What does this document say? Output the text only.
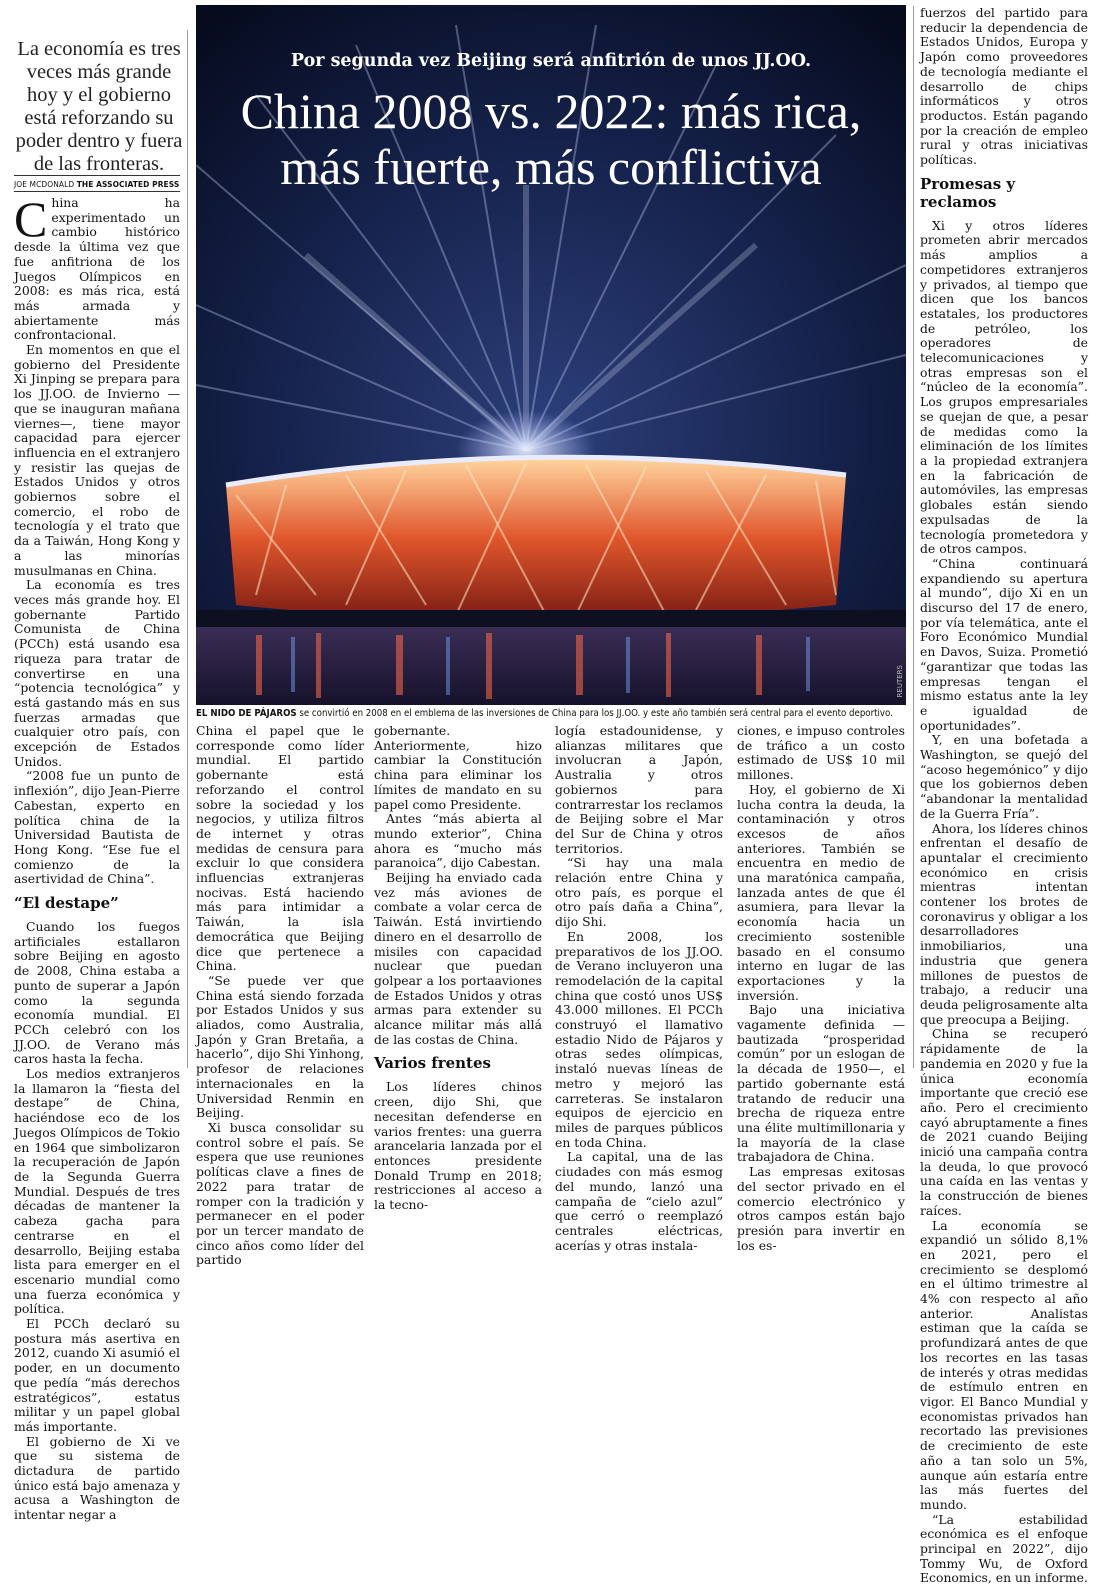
La economía es tres veces más grande hoy y el gobierno está reforzando su poder dentro y fuera de las fronteras.
JOE MCDONALD THE ASSOCIATED PRESS

China ha experimentado un cambio histórico desde la última vez que fue anfitriona de los Juegos Olímpicos en 2008: es más rica, está más armada y abiertamente más confrontacional.

En momentos en que el gobierno del Presidente Xi Jinping se prepara para los JJ.OO. de Invierno —que se inauguran mañana viernes—, tiene mayor capacidad para ejercer influencia en el extranjero y resistir las quejas de Estados Unidos y otros gobiernos sobre el comercio, el robo de tecnología y el trato que da a Taiwán, Hong Kong y a las minorías musulmanas en China.

La economía es tres veces más grande hoy. El gobernante Partido Comunista de China (PCCh) está usando esa riqueza para tratar de convertirse en una “potencia tecnológica” y está gastando más en sus fuerzas armadas que cualquier otro país, con excepción de Estados Unidos.

“2008 fue un punto de inflexión”, dijo Jean-Pierre Cabestan, experto en política china de la Universidad Bautista de Hong Kong. “Ese fue el comienzo de la asertividad de China”.

“El destape”

Cuando los fuegos artificiales estallaron sobre Beijing en agosto de 2008, China estaba a punto de superar a Japón como la segunda economía mundial. El PCCh celebró con los JJ.OO. de Verano más caros hasta la fecha.

Los medios extranjeros la llamaron la “fiesta del destape” de China, haciéndose eco de los Juegos Olímpicos de Tokio en 1964 que simbolizaron la recuperación de Japón de la Segunda Guerra Mundial. Después de tres décadas de mantener la cabeza gacha para centrarse en el desarrollo, Beijing estaba lista para emerger en el escenario mundial como una fuerza económica y política.

El PCCh declaró su postura más asertiva en 2012, cuando Xi asumió el poder, en un documento que pedía “más derechos estratégicos”, estatus militar y un papel global más importante.

El gobierno de Xi ve que su sistema de dictadura de partido único está bajo amenaza y acusa a Washington de intentar negar a

Por segunda vez Beijing será anfitrión de unos JJ.OO.
China 2008 vs. 2022: más rica, más fuerte, más conflictiva
REUTERS
EL NIDO DE PÁJAROS se convirtió en 2008 en el emblema de las inversiones de China para los JJ.OO. y este año también será central para el evento deportivo.

China el papel que le corresponde como líder mundial. El partido gobernante está reforzando el control sobre la sociedad y los negocios, y utiliza filtros de internet y otras medidas de censura para excluir lo que considera influencias extranjeras nocivas. Está haciendo más para intimidar a Taiwán, la isla democrática que Beijing dice que pertenece a China.

“Se puede ver que China está siendo forzada por Estados Unidos y sus aliados, como Australia, Japón y Gran Bretaña, a hacerlo”, dijo Shi Yinhong, profesor de relaciones internacionales en la Universidad Renmin en Beijing.

Xi busca consolidar su control sobre el país. Se espera que use reuniones políticas clave a fines de 2022 para tratar de romper con la tradición y permanecer en el poder por un tercer mandato de cinco años como líder del partido

gobernante. Anteriormente, hizo cambiar la Constitución china para eliminar los límites de mandato en su papel como Presidente.

Antes “más abierta al mundo exterior”, China ahora es “mucho más paranoica”, dijo Cabestan.

Beijing ha enviado cada vez más aviones de combate a volar cerca de Taiwán. Está invirtiendo dinero en el desarrollo de misiles con capacidad nuclear que puedan golpear a los portaaviones de Estados Unidos y otras armas para extender su alcance militar más allá de las costas de China.

Varios frentes

Los líderes chinos creen, dijo Shi, que necesitan defenderse en varios frentes: una guerra arancelaria lanzada por el entonces presidente Donald Trump en 2018; restricciones al acceso a la tecno-

logía estadounidense, y alianzas militares que involucran a Japón, Australia y otros gobiernos para contrarrestar los reclamos de Beijing sobre el Mar del Sur de China y otros territorios.

“Si hay una mala relación entre China y otro país, es porque el otro país daña a China”, dijo Shi.

En 2008, los preparativos de los JJ.OO. de Verano incluyeron una remodelación de la capital china que costó unos US$ 43.000 millones. El PCCh construyó el llamativo estadio Nido de Pájaros y otras sedes olímpicas, instaló nuevas líneas de metro y mejoró las carreteras. Se instalaron equipos de ejercicio en miles de parques públicos en toda China.

La capital, una de las ciudades con más esmog del mundo, lanzó una campaña de “cielo azul” que cerró o reemplazó centrales eléctricas, acerías y otras instala-

ciones, e impuso controles de tráfico a un costo estimado de US$ 10 mil millones.

Hoy, el gobierno de Xi lucha contra la deuda, la contaminación y otros excesos de años anteriores. También se encuentra en medio de una maratónica campaña, lanzada antes de que él asumiera, para llevar la economía hacia un crecimiento sostenible basado en el consumo interno en lugar de las exportaciones y la inversión.

Bajo una iniciativa vagamente definida —bautizada “prosperidad común” por un eslogan de la década de 1950—, el partido gobernante está tratando de reducir una brecha de riqueza entre una élite multimillonaria y la mayoría de la clase trabajadora de China.

Las empresas exitosas del sector privado en el comercio electrónico y otros campos están bajo presión para invertir en los es-

fuerzos del partido para reducir la dependencia de Estados Unidos, Europa y Japón como proveedores de tecnología mediante el desarrollo de chips informáticos y otros productos. Están pagando por la creación de empleo rural y otras iniciativas políticas.

Promesas y reclamos

Xi y otros líderes prometen abrir mercados más amplios a competidores extranjeros y privados, al tiempo que dicen que los bancos estatales, los productores de petróleo, los operadores de telecomunicaciones y otras empresas son el “núcleo de la economía”. Los grupos empresariales se quejan de que, a pesar de medidas como la eliminación de los límites a la propiedad extranjera en la fabricación de automóviles, las empresas globales están siendo expulsadas de la tecnología prometedora y de otros campos.

“China continuará expandiendo su apertura al mundo”, dijo Xi en un discurso del 17 de enero, por vía telemática, ante el Foro Económico Mundial en Davos, Suiza. Prometió “garantizar que todas las empresas tengan el mismo estatus ante la ley e igualdad de oportunidades”.

Y, en una bofetada a Washington, se quejó del “acoso hegemónico” y dijo que los gobiernos deben “abandonar la mentalidad de la Guerra Fría”.

Ahora, los líderes chinos enfrentan el desafío de apuntalar el crecimiento económico en crisis mientras intentan contener los brotes de coronavirus y obligar a los desarrolladores inmobiliarios, una industria que genera millones de puestos de trabajo, a reducir una deuda peligrosamente alta que preocupa a Beijing.

China se recuperó rápidamente de la pandemia en 2020 y fue la única economía importante que creció ese año. Pero el crecimiento cayó abruptamente a fines de 2021 cuando Beijing inició una campaña contra la deuda, lo que provocó una caída en las ventas y la construcción de bienes raíces.

La economía se expandió un sólido 8,1% en 2021, pero el crecimiento se desplomó en el último trimestre al 4% con respecto al año anterior. Analistas estiman que la caída se profundizará antes de que los recortes en las tasas de interés y otras medidas de estímulo entren en vigor. El Banco Mundial y economistas privados han recortado las previsiones de crecimiento de este año a tan solo un 5%, aunque aún estaría entre las más fuertes del mundo.

“La estabilidad económica es el enfoque principal en 2022”, dijo Tommy Wu, de Oxford Economics, en un informe.
